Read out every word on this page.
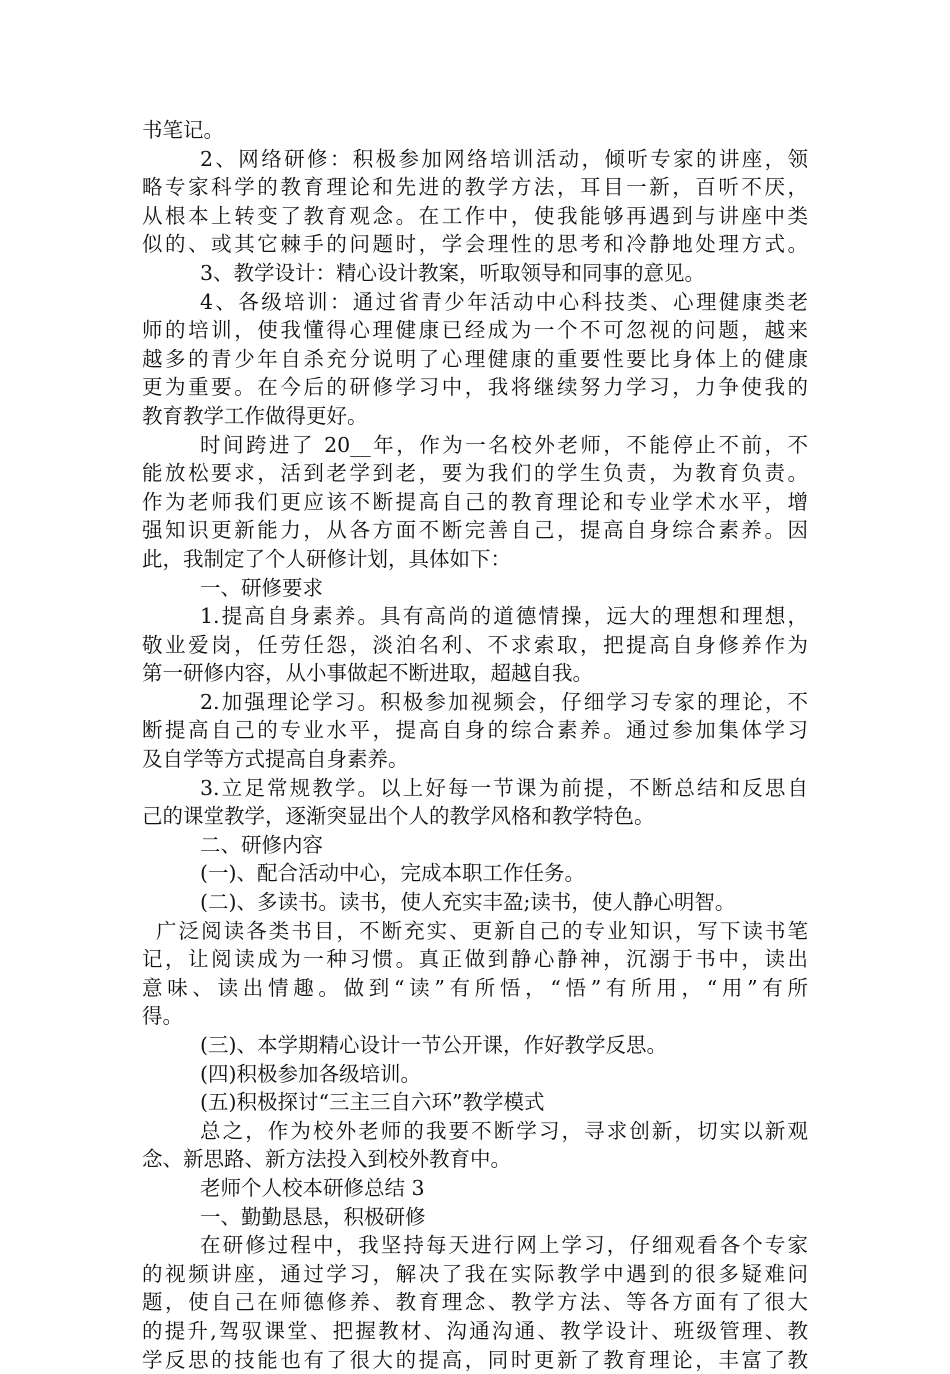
书笔记。

2、网络研修：积极参加网络培训活动，倾听专家的讲座，领

略专家科学的教育理论和先进的教学方法，耳目一新，百听不厌，

从根本上转变了教育观念。在工作中，使我能够再遇到与讲座中类

似的、或其它棘手的问题时，学会理性的思考和冷静地处理方式。

3、教学设计：精心设计教案，听取领导和同事的意见。

4、各级培训：通过省青少年活动中心科技类、心理健康类老

师的培训，使我懂得心理健康已经成为一个不可忽视的问题，越来

越多的青少年自杀充分说明了心理健康的重要性要比身体上的健康

更为重要。在今后的研修学习中，我将继续努力学习，力争使我的

教育教学工作做得更好。

时间跨进了 20__年，作为一名校外老师，不能停止不前，不

能放松要求，活到老学到老，要为我们的学生负责，为教育负责。

作为老师我们更应该不断提高自己的教育理论和专业学术水平，增

强知识更新能力，从各方面不断完善自己，提高自身综合素养。因

此，我制定了个人研修计划，具体如下：

一、研修要求

1.提高自身素养。具有高尚的道德情操，远大的理想和理想，

敬业爱岗，任劳任怨，淡泊名利、不求索取，把提高自身修养作为

第一研修内容，从小事做起不断进取，超越自我。

2.加强理论学习。积极参加视频会，仔细学习专家的理论，不

断提高自己的专业水平，提高自身的综合素养。通过参加集体学习

及自学等方式提高自身素养。

3.立足常规教学。以上好每一节课为前提，不断总结和反思自

己的课堂教学，逐渐突显出个人的教学风格和教学特色。

二、研修内容

(一)、配合活动中心，完成本职工作任务。

(二)、多读书。读书，使人充实丰盈;读书，使人静心明智。

广泛阅读各类书目，不断充实、更新自己的专业知识，写下读书笔

记，让阅读成为一种习惯。真正做到静心静神，沉溺于书中，读出

意味、读出情趣。做到“读”有所悟，“悟”有所用，“用”有所

得。

(三)、本学期精心设计一节公开课，作好教学反思。

(四)积极参加各级培训。

(五)积极探讨“三主三自六环”教学模式

总之，作为校外老师的我要不断学习，寻求创新，切实以新观

念、新思路、新方法投入到校外教育中。

老师个人校本研修总结 3

一、勤勤恳恳，积极研修

在研修过程中，我坚持每天进行网上学习，仔细观看各个专家

的视频讲座，通过学习，解决了我在实际教学中遇到的很多疑难问

题，使自己在师德修养、教育理念、教学方法、等各方面有了很大

的提升,驾驭课堂、把握教材、沟通沟通、教学设计、班级管理、教

学反思的技能也有了很大的提高，同时更新了教育理论，丰富了教
